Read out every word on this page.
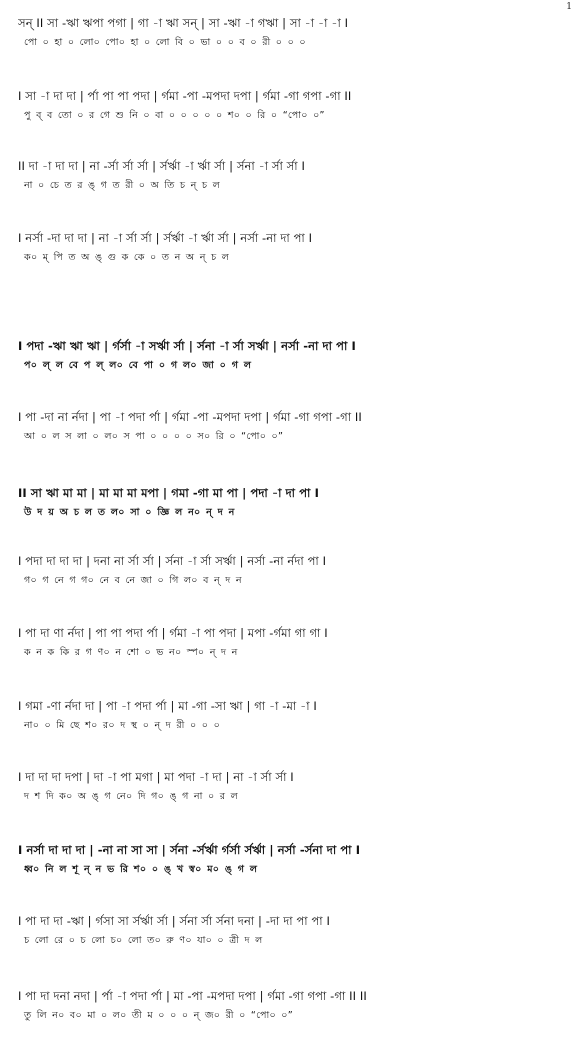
1
সন্ II সা -ঋা ঋপা পগা | গা -া ঋা সন্ | সা -ঋা -া গঋা | সা -া -া -া I
পো ০ হা ০ লো০ পো০ হা ০ লো বি ০ ভা ০ ০ ব ০ রী ০ ০ ০
I সা -া দা দা | র্পা পা পা পদা | র্গমা -পা -মপদা দপা | র্গমা -গা গপা -গা II
পু ব্ ব তো ০ র গে শু নি ০ বা ০ ০ ০ ০ ০ শ০ ০ রি ০ “পো০ ০”
II দা -া দা দা | না -র্সা র্সা র্সা | র্সর্ঋা -া র্ঋা র্সা | র্সনা -া র্সা র্সা I
না ০ চে ত র ঙ্ গ ত রী ০ অ তি চ ন্ চ ল
I নর্সা -দা দা দা | না -া র্সা র্সা | র্সর্ঋা -া র্ঋা র্সা | নর্সা -না দা পা I
ক০ ম্ পি ত অ ঙ্ গু ক কে ০ ত ন অ ন্ চ ল
I পদা -ঋা ঋা ঋা | র্গর্সা -া সর্ঋা র্সা | র্সনা -া র্সা সর্ঋা | নর্সা -না দা পা I
প০ ল্ ল বে প ল্ ল০ বে পা ০ গ ল০ জা ০ গ ল
I পা -দা না র্নদা | পা -া পদা র্পা | র্গমা -পা -মপদা দপা | র্গমা -গা গপা -গা II
আ ০ ল স লা ০ ল০ স পা ০ ০ ০ ০ স০ রি ০ “পো০ ০”
II সা ঋা মা মা | মা মা মা মপা | গমা -গা মা পা | পদা -া দা পা I
উ দ য় অ চ ল ত ল০ সা ০ জ্ঞি ল ন০ ন্ দ ন
I পদা দা দা দা | দনা না র্সা র্সা | র্সনা -া র্সা সর্ঋা | নর্সা -না র্নদা পা I
গ০ গ নে গ গ০ নে ব নে জা ০ গি ল০ ব ন্ দ ন
I পা দা ণা র্নদা | পা পা পদা র্পা | র্গমা -া পা পদা | মপা -র্গমা গা গা I
ক ন ক কি র গ ণ০ ন শো ০ ভ ন০ স্প০ ন্ দ ন
I গমা -ণা র্নদা দা | পা -া পদা র্পা | মা -গা -সা ঋা | গা -া -মা -া I
না০ ০ মি ছে শ০ র০ দ স্থ ০ ন্ দ রী ০ ০ ০
I দা দা দা দপা | দা -া পা মগা | মা পদা -া দা | না -া র্সা র্সা I
দ শ দি ক০ অ ঙ্ গ নে০ দি গ০ ঙ্ গ না ০ র ল
I নর্সা দা দা দা | -না না সা সা | র্সনা -র্সর্ঋা র্গর্সা র্সর্ঋা | নর্সা -র্সনা দা পা I
ধ্ব০ নি ল শূ ন্ ন ভ রি শ০ ০ ঙ্ খ স্ব০ ম০ ঙ্ গ ল
I পা দা দা -ঋা | র্গসা সা র্সর্ঋা র্সা | র্সনা র্সা র্সনা দনা | -দা দা পা পা I
চ লো রে ০ চ লো চ০ লো ত০ রু ণ০ যা০ ০ ত্রী দ ল
I পা দা দনা নদা | র্পা -া পদা র্পা | মা -পা -মপদা দপা | র্গমা -গা গপা -গা II II
তু লি ন০ ব০ মা ০ ল০ তী ম ০ ০ ০ ন্ জ০ রী ০ “পো০ ০”
